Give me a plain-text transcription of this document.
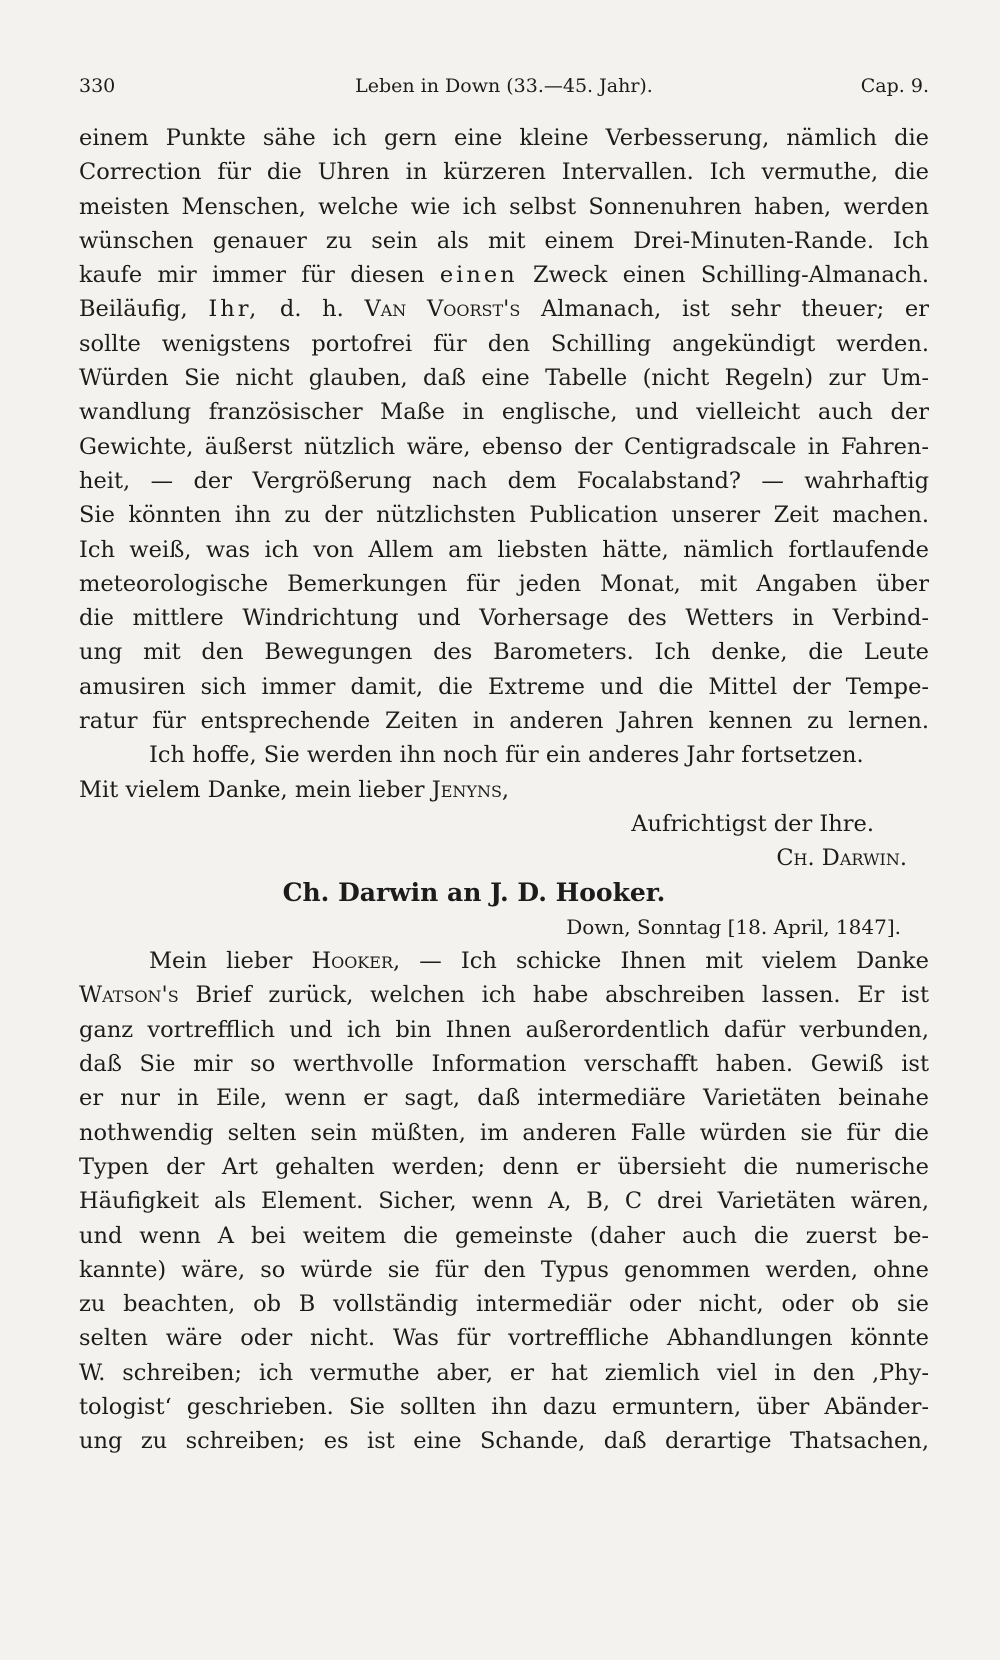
330	Leben in Down (33.—45. Jahr).	Cap. 9.
einem Punkte sähe ich gern eine kleine Verbesserung, nämlich die
Correction für die Uhren in kürzeren Intervallen. Ich vermuthe, die
meisten Menschen, welche wie ich selbst Sonnenuhren haben, werden
wünschen genauer zu sein als mit einem Drei-Minuten-Rande. Ich
kaufe mir immer für diesen einen Zweck einen Schilling-Almanach.
Beiläufig, Ihr, d. h. Van Voorst's Almanach, ist sehr theuer; er
sollte wenigstens portofrei für den Schilling angekündigt werden.
Würden Sie nicht glauben, daß eine Tabelle (nicht Regeln) zur Um-
wandlung französischer Maße in englische, und vielleicht auch der
Gewichte, äußerst nützlich wäre, ebenso der Centigradscale in Fahren-
heit, — der Vergrößerung nach dem Focalabstand? — wahrhaftig
Sie könnten ihn zu der nützlichsten Publication unserer Zeit machen.
Ich weiß, was ich von Allem am liebsten hätte, nämlich fortlaufende
meteorologische Bemerkungen für jeden Monat, mit Angaben über
die mittlere Windrichtung und Vorhersage des Wetters in Verbind-
ung mit den Bewegungen des Barometers. Ich denke, die Leute
amusiren sich immer damit, die Extreme und die Mittel der Tempe-
ratur für entsprechende Zeiten in anderen Jahren kennen zu lernen.
Ich hoffe, Sie werden ihn noch für ein anderes Jahr fortsetzen.
Mit vielem Danke, mein lieber Jenyns,
Aufrichtigst der Ihre.
Ch. Darwin.
Ch. Darwin an J. D. Hooker.
Down, Sonntag [18. April, 1847].
Mein lieber Hooker, — Ich schicke Ihnen mit vielem Danke
Watson's Brief zurück, welchen ich habe abschreiben lassen. Er ist
ganz vortrefflich und ich bin Ihnen außerordentlich dafür verbunden,
daß Sie mir so werthvolle Information verschafft haben. Gewiß ist
er nur in Eile, wenn er sagt, daß intermediäre Varietäten beinahe
nothwendig selten sein müßten, im anderen Falle würden sie für die
Typen der Art gehalten werden; denn er übersieht die numerische
Häufigkeit als Element. Sicher, wenn A, B, C drei Varietäten wären,
und wenn A bei weitem die gemeinste (daher auch die zuerst be-
kannte) wäre, so würde sie für den Typus genommen werden, ohne
zu beachten, ob B vollständig intermediär oder nicht, oder ob sie
selten wäre oder nicht. Was für vortreffliche Abhandlungen könnte
W. schreiben; ich vermuthe aber, er hat ziemlich viel in den ‚Phy-
tologist‘ geschrieben. Sie sollten ihn dazu ermuntern, über Abänder-
ung zu schreiben; es ist eine Schande, daß derartige Thatsachen,
